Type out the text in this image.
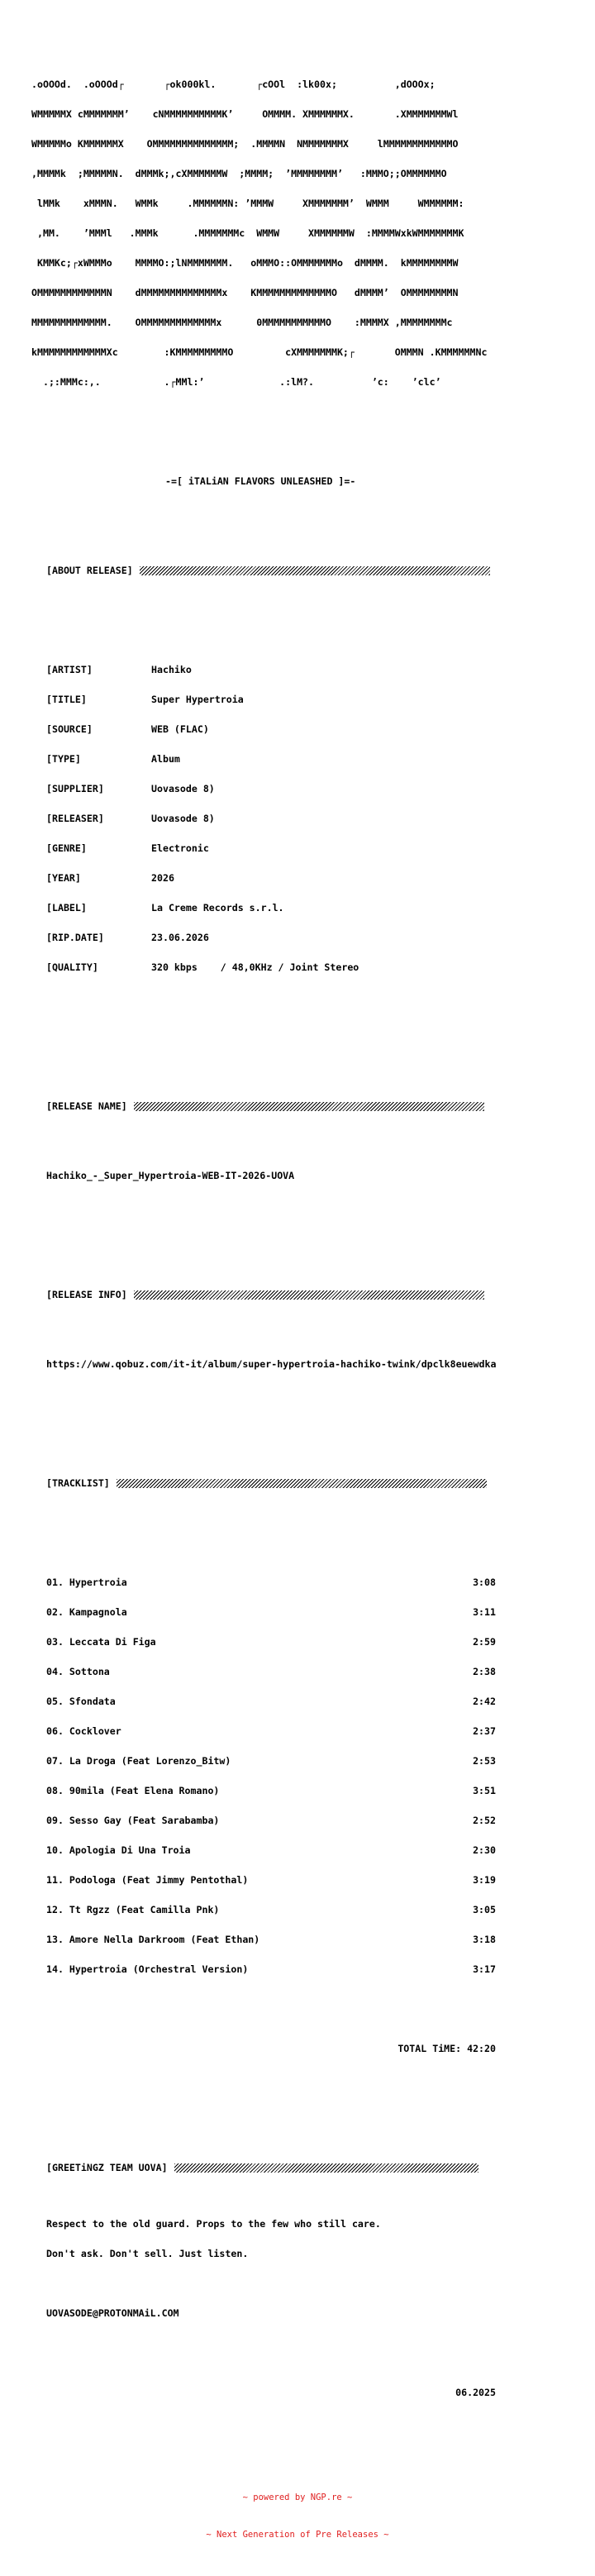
.oOOOd.  .oOOOd┌       ┌ok000kl.       ┌cOOl  :lk00x;          ,dOOOx;

WMMMMMX cMMMMMMM’    cNMMMMMMMMMMK’     OMMMM. XMMMMMMX.       .XMMMMMMMWl

WMMMMMo KMMMMMMX    OMMMMMMMMMMMMMM;  .MMMMN  NMMMMMMMX     lMMMMMMMMMMMMO

,MMMMk  ;MMMMMN.  dMMMk;,cXMMMMMMW  ;MMMM;  ’MMMMMMMM’   :MMMO;;OMMMMMMO

lMMk    xMMMN.   WMMk     .MMMMMMN: ’MMMW     XMMMMMMM’  WMMM     WMMMMMM:

,MM.    ’MMMl   .MMMk      .MMMMMMMc  WMMW     XMMMMMMW  :MMMMWxkWMMMMMMMK

KMMKc;┌xWMMMo    MMMMO:;lNMMMMMMM.   oMMMO::OMMMMMMMo  dMMMM.  kMMMMMMMMW

OMMMMMMMMMMMMN    dMMMMMMMMMMMMMMx    KMMMMMMMMMMMMMO   dMMMM’  OMMMMMMMMN

MMMMMMMMMMMMM.    OMMMMMMMMMMMMMx      0MMMMMMMMMMMO    :MMMMX ,MMMMMMMMc

kMMMMMMMMMMMMXc        :KMMMMMMMMMO         cXMMMMMMMK;┌       OMMMN .KMMMMMMNc

.;:MMMc:,.           .┌MMl:’             .:lM?.          ’c:    ’clc’

-=[ iTALiAN FLAVORS UNLEASHED ]=-

[ABOUT RELEASE]

[ARTIST]	Hachiko

[TITLE]	Super Hypertroia

[SOURCE]	WEB (FLAC)

[TYPE]	Album

[SUPPLIER]	Uovasode 8)

[RELEASER]	Uovasode 8)

[GENRE]	Electronic

[YEAR]	2026

[LABEL]	La Creme Records s.r.l.

[RIP.DATE]	23.06.2026

[QUALITY]	320 kbps    / 48,0KHz / Joint Stereo

[RELEASE NAME]

Hachiko_-_Super_Hypertroia-WEB-IT-2026-UOVA

[RELEASE INFO]

https://www.qobuz.com/it-it/album/super-hypertroia-hachiko-twink/dpclk8euewdka

[TRACKLIST]

01. Hypertroia	3:08

02. Kampagnola	3:11

03. Leccata Di Figa	2:59

04. Sottona	2:38

05. Sfondata	2:42

06. Cocklover	2:37

07. La Droga (Feat Lorenzo_Bitw)	2:53

08. 90mila (Feat Elena Romano)	3:51

09. Sesso Gay (Feat Sarabamba)	2:52

10. Apologia Di Una Troia	2:30

11. Podologa (Feat Jimmy Pentothal)	3:19

12. Tt Rgzz (Feat Camilla Pnk)	3:05

13. Amore Nella Darkroom (Feat Ethan)	3:18

14. Hypertroia (Orchestral Version)	3:17

TOTAL TiME: 42:20

[GREETiNGZ TEAM UOVA]

Respect to the old guard. Props to the few who still care.

Don't ask. Don't sell. Just listen.

UOVASODE@PROTONMAiL.COM

06.2025

~ powered by NGP.re ~

~ Next Generation of Pre Releases ~
